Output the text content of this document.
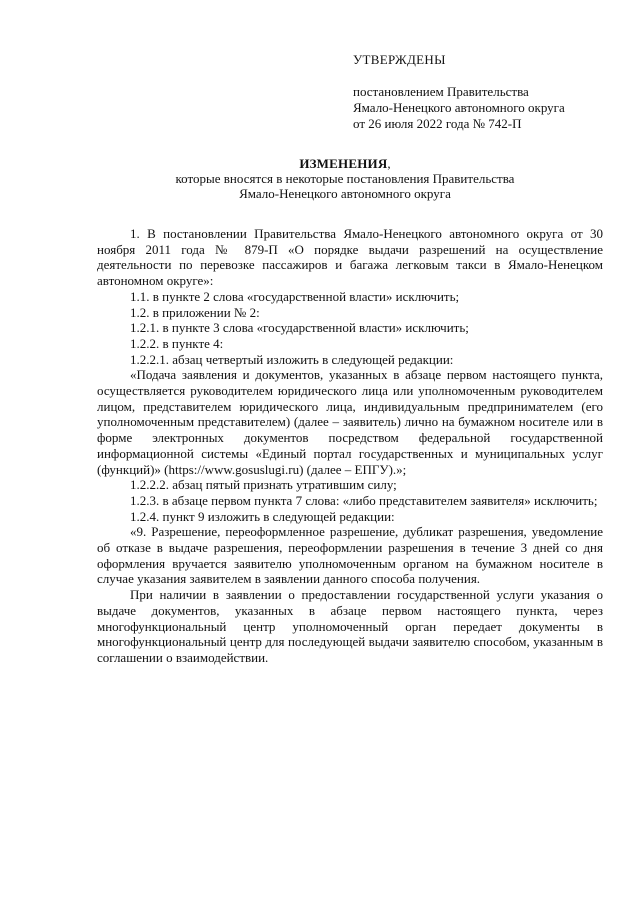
УТВЕРЖДЕНЫ
постановлением Правительства
Ямало-Ненецкого автономного округа
от 26 июля 2022 года № 742-П
ИЗМЕНЕНИЯ,
которые вносятся в некоторые постановления Правительства
Ямало-Ненецкого автономного округа

1. В постановлении Правительства Ямало-Ненецкого автономного округа от 30 ноября 2011 года № 879-П «О порядке выдачи разрешений на осуществление деятельности по перевозке пассажиров и багажа легковым такси в Ямало-Ненецком автономном округе»:

1.1. в пункте 2 слова «государственной власти» исключить;

1.2. в приложении № 2:

1.2.1. в пункте 3 слова «государственной власти» исключить;

1.2.2. в пункте 4:

1.2.2.1. абзац четвертый изложить в следующей редакции:

«Подача заявления и документов, указанных в абзаце первом настоящего пункта, осуществляется руководителем юридического лица или уполномоченным руководителем лицом, представителем юридического лица, индивидуальным предпринимателем (его уполномоченным представителем) (далее – заявитель) лично на бумажном носителе или в форме электронных документов посредством федеральной государственной информационной системы «Единый портал государственных и муниципальных услуг (функций)» (https://www.gosuslugi.ru) (далее – ЕПГУ).»;

1.2.2.2. абзац пятый признать утратившим силу;

1.2.3. в абзаце первом пункта 7 слова: «либо представителем заявителя» исключить;

1.2.4. пункт 9 изложить в следующей редакции:

«9. Разрешение, переоформленное разрешение, дубликат разрешения, уведомление об отказе в выдаче разрешения, переоформлении разрешения в течение 3 дней со дня оформления вручается заявителю уполномоченным органом на бумажном носителе в случае указания заявителем в заявлении данного способа получения.

При наличии в заявлении о предоставлении государственной услуги указания о выдаче документов, указанных в абзаце первом настоящего пункта, через многофункциональный центр уполномоченный орган передает документы в многофункциональный центр для последующей выдачи заявителю способом, указанным в соглашении о взаимодействии.
